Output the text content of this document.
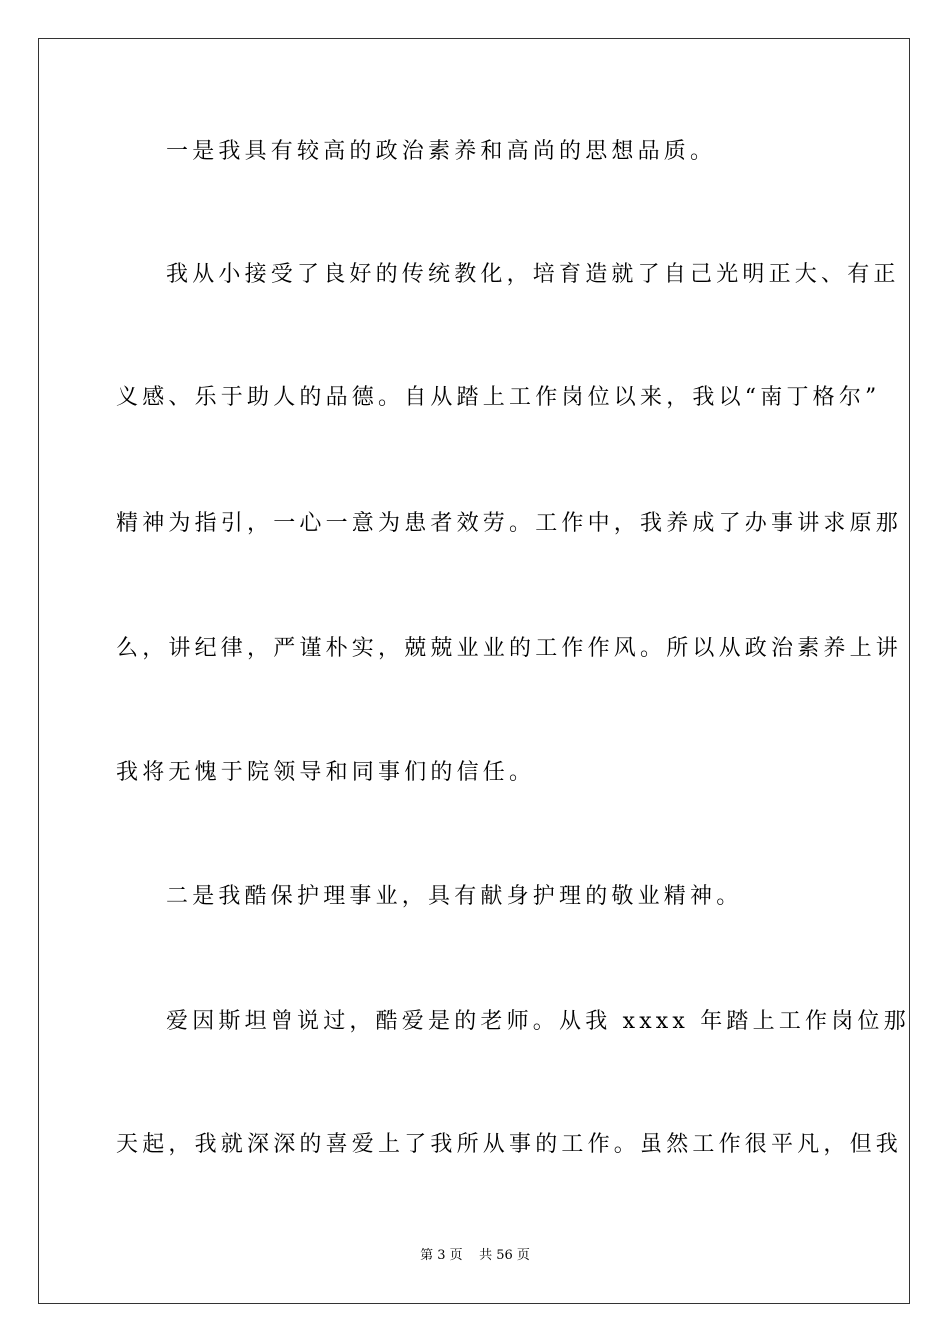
一是我具有较高的政治素养和高尚的思想品质。
我从小接受了良好的传统教化，培育造就了自己光明正大、有正
义感、乐于助人的品德。自从踏上工作岗位以来，我以“南丁格尔”
精神为指引，一心一意为患者效劳。工作中，我养成了办事讲求原那
么，讲纪律，严谨朴实，兢兢业业的工作作风。所以从政治素养上讲
我将无愧于院领导和同事们的信任。
二是我酷保护理事业，具有献身护理的敬业精神。
爱因斯坦曾说过，酷爱是的老师。从我 xxxx 年踏上工作岗位那
天起，我就深深的喜爱上了我所从事的工作。虽然工作很平凡，但我
第 3 页    共 56 页
